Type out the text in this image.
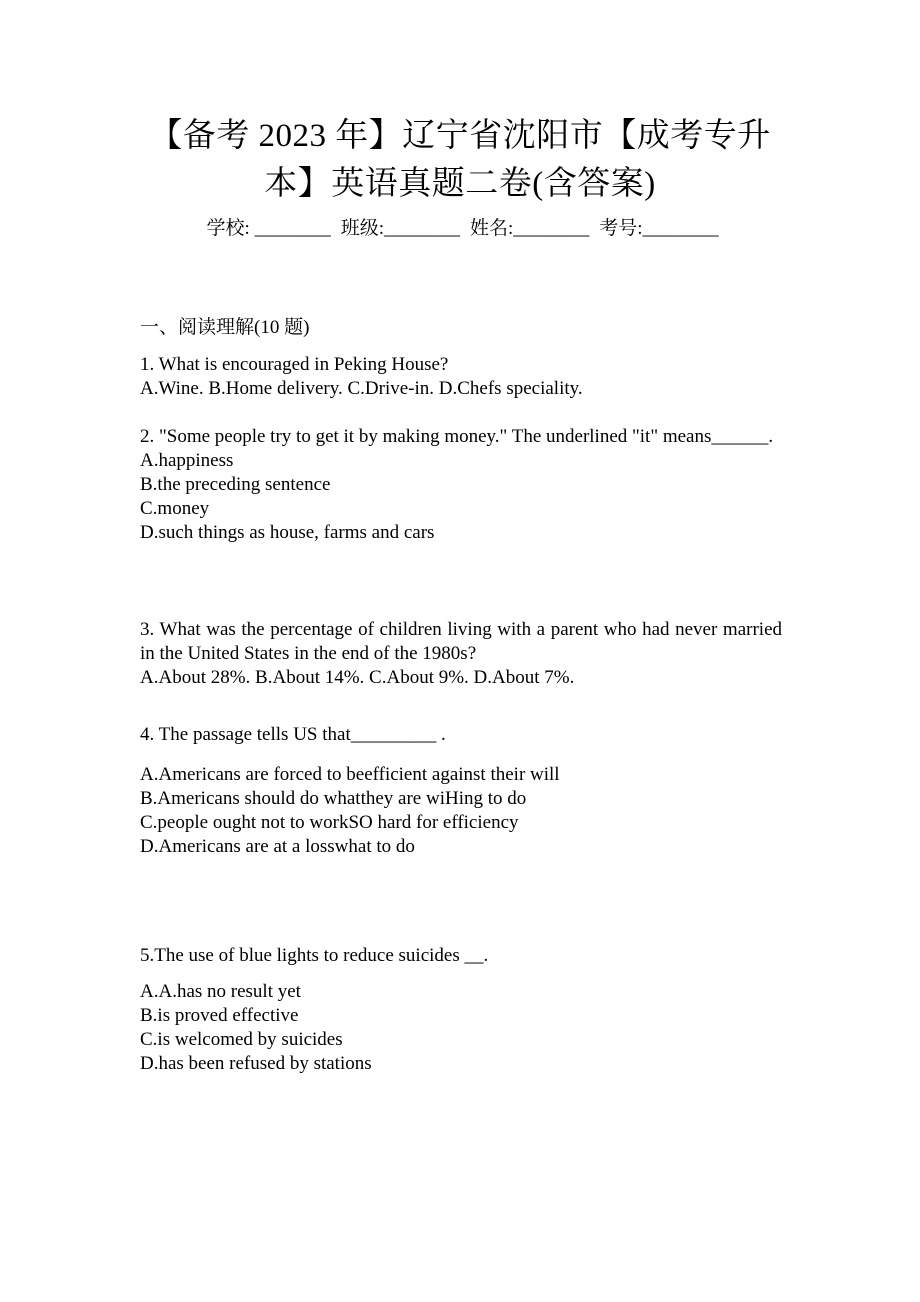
【备考 2023 年】辽宁省沈阳市【成考专升
本】英语真题二卷(含答案)
学校: ________ 班级:________ 姓名:________ 考号:________
一、阅读理解(10 题)

1. What is encouraged in Peking House?

A.Wine. B.Home delivery. C.Drive-in. D.Chefs speciality.

2. "Some people try to get it by making money." The underlined "it" means______.

A.happiness

B.the preceding sentence

C.money

D.such things as house, farms and cars

3. What was the percentage of children living with a parent who had never married in the United States in the end of the 1980s?

A.About 28%. B.About 14%. C.About 9%. D.About 7%.

4. The passage tells US that_________ .

A.Americans are forced to beefficient against their will

B.Americans should do whatthey are wiHing to do

C.people ought not to workSO hard for efficiency

D.Americans are at a losswhat to do

5.The use of blue lights to reduce suicides __.

A.A.has no result yet

B.is proved effective

C.is welcomed by suicides

D.has been refused by stations
